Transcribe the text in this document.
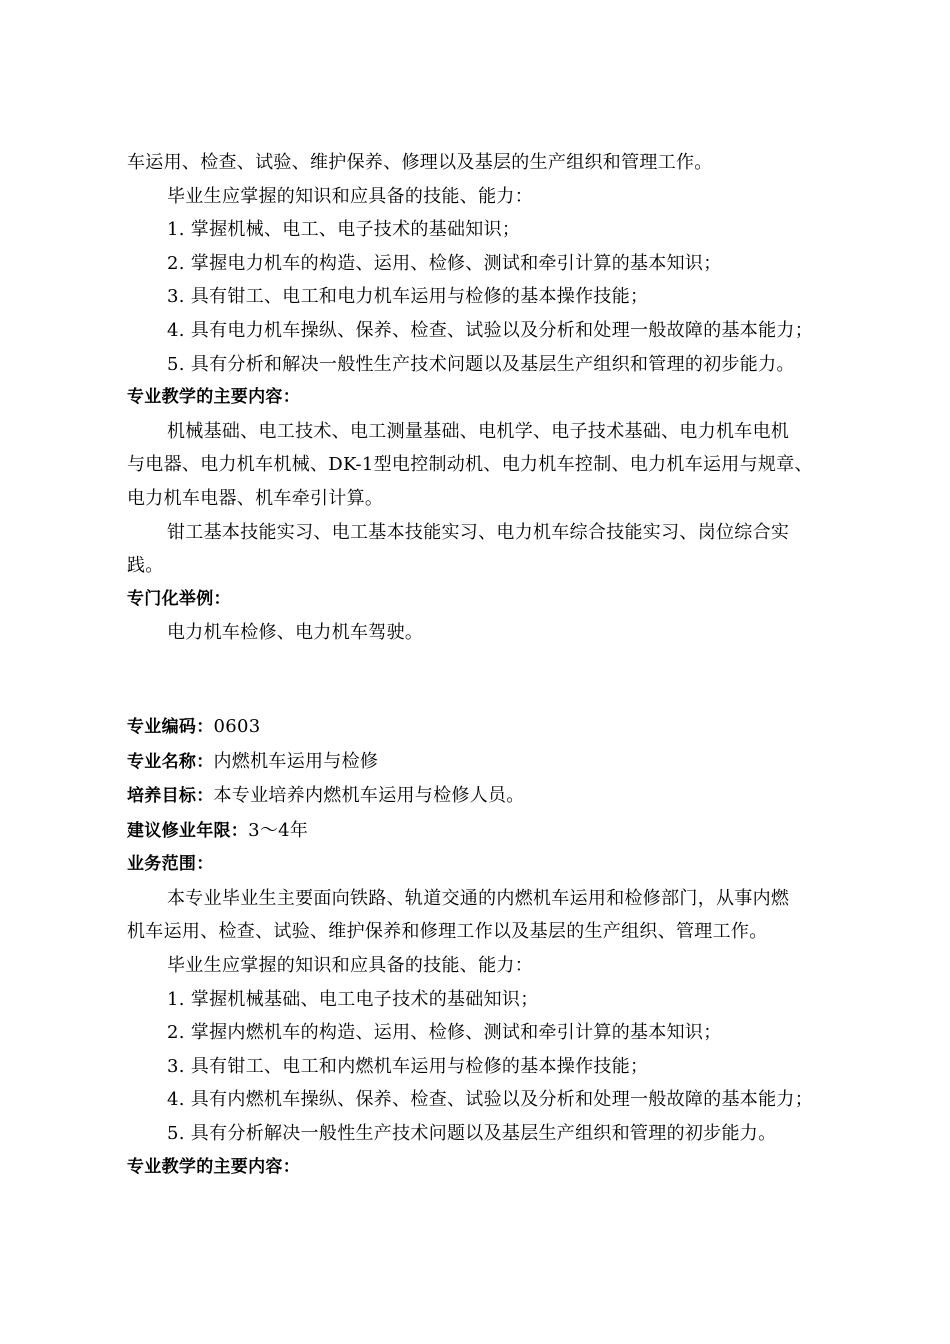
车运用、检查、试验、维护保养、修理以及基层的生产组织和管理工作。
毕业生应掌握的知识和应具备的技能、能力：
1. 掌握机械、电工、电子技术的基础知识；
2. 掌握电力机车的构造、运用、检修、测试和牵引计算的基本知识；
3. 具有钳工、电工和电力机车运用与检修的基本操作技能；
4. 具有电力机车操纵、保养、检查、试验以及分析和处理一般故障的基本能力；
5. 具有分析和解决一般性生产技术问题以及基层生产组织和管理的初步能力。
专业教学的主要内容：
机械基础、电工技术、电工测量基础、电机学、电子技术基础、电力机车电机
与电器、电力机车机械、DK-1型电控制动机、电力机车控制、电力机车运用与规章、
电力机车电器、机车牵引计算。
钳工基本技能实习、电工基本技能实习、电力机车综合技能实习、岗位综合实
践。
专门化举例：
电力机车检修、电力机车驾驶。
专业编码：0603
专业名称：内燃机车运用与检修
培养目标：本专业培养内燃机车运用与检修人员。
建议修业年限：3～4年
业务范围：
本专业毕业生主要面向铁路、轨道交通的内燃机车运用和检修部门，从事内燃
机车运用、检查、试验、维护保养和修理工作以及基层的生产组织、管理工作。
毕业生应掌握的知识和应具备的技能、能力：
1. 掌握机械基础、电工电子技术的基础知识；
2. 掌握内燃机车的构造、运用、检修、测试和牵引计算的基本知识；
3. 具有钳工、电工和内燃机车运用与检修的基本操作技能；
4. 具有内燃机车操纵、保养、检查、试验以及分析和处理一般故障的基本能力；
5. 具有分析解决一般性生产技术问题以及基层生产组织和管理的初步能力。
专业教学的主要内容：
